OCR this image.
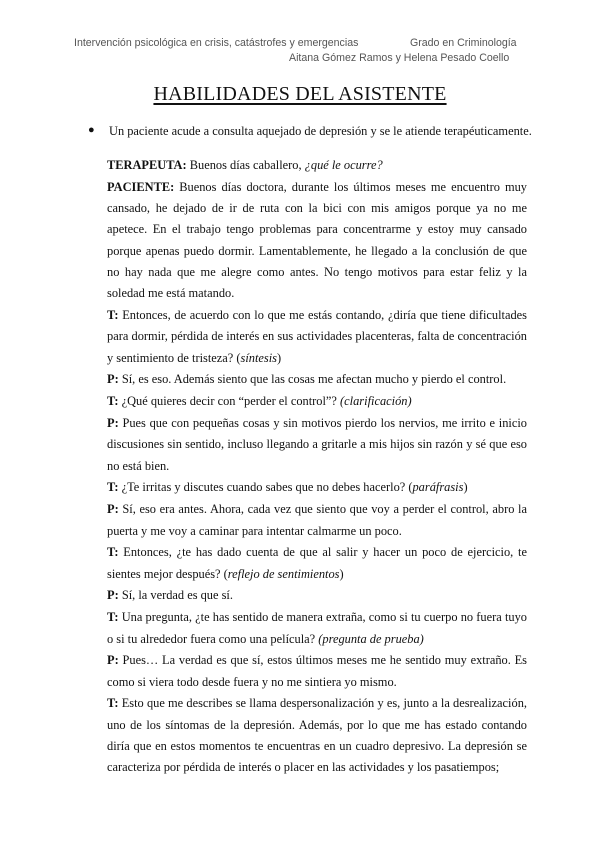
Intervención psicológica en crisis, catástrofes y emergencias	Grado en Criminología
Aitana Gómez Ramos y Helena Pesado Coello
HABILIDADES DEL ASISTENTE
● Un paciente acude a consulta aquejado de depresión y se le atiende terapéuticamente.

TERAPEUTA: Buenos días caballero, ¿qué le ocurre?

PACIENTE: Buenos días doctora, durante los últimos meses me encuentro muy cansado, he dejado de ir de ruta con la bici con mis amigos porque ya no me apetece. En el trabajo tengo problemas para concentrarme y estoy muy cansado porque apenas puedo dormir. Lamentablemente, he llegado a la conclusión de que no hay nada que me alegre como antes. No tengo motivos para estar feliz y la soledad me está matando.

T: Entonces, de acuerdo con lo que me estás contando, ¿diría que tiene dificultades para dormir, pérdida de interés en sus actividades placenteras, falta de concentración y sentimiento de tristeza? (síntesis)

P: Sí, es eso. Además siento que las cosas me afectan mucho y pierdo el control.

T: ¿Qué quieres decir con “perder el control”? (clarificación)

P: Pues que con pequeñas cosas y sin motivos pierdo los nervios, me irrito e inicio discusiones sin sentido, incluso llegando a gritarle a mis hijos sin razón y sé que eso no está bien.

T: ¿Te irritas y discutes cuando sabes que no debes hacerlo? (paráfrasis)

P: Sí, eso era antes. Ahora, cada vez que siento que voy a perder el control, abro la puerta y me voy a caminar para intentar calmarme un poco.

T: Entonces, ¿te has dado cuenta de que al salir y hacer un poco de ejercicio, te sientes mejor después? (reflejo de sentimientos)

P: Sí, la verdad es que sí.

T: Una pregunta, ¿te has sentido de manera extraña, como si tu cuerpo no fuera tuyo o si tu alrededor fuera como una película? (pregunta de prueba)

P: Pues… La verdad es que sí, estos últimos meses me he sentido muy extraño. Es como si viera todo desde fuera y no me sintiera yo mismo.

T: Esto que me describes se llama despersonalización y es, junto a la desrealización, uno de los síntomas de la depresión. Además, por lo que me has estado contando diría que en estos momentos te encuentras en un cuadro depresivo. La depresión se caracteriza por pérdida de interés o placer en las actividades y los pasatiempos;
